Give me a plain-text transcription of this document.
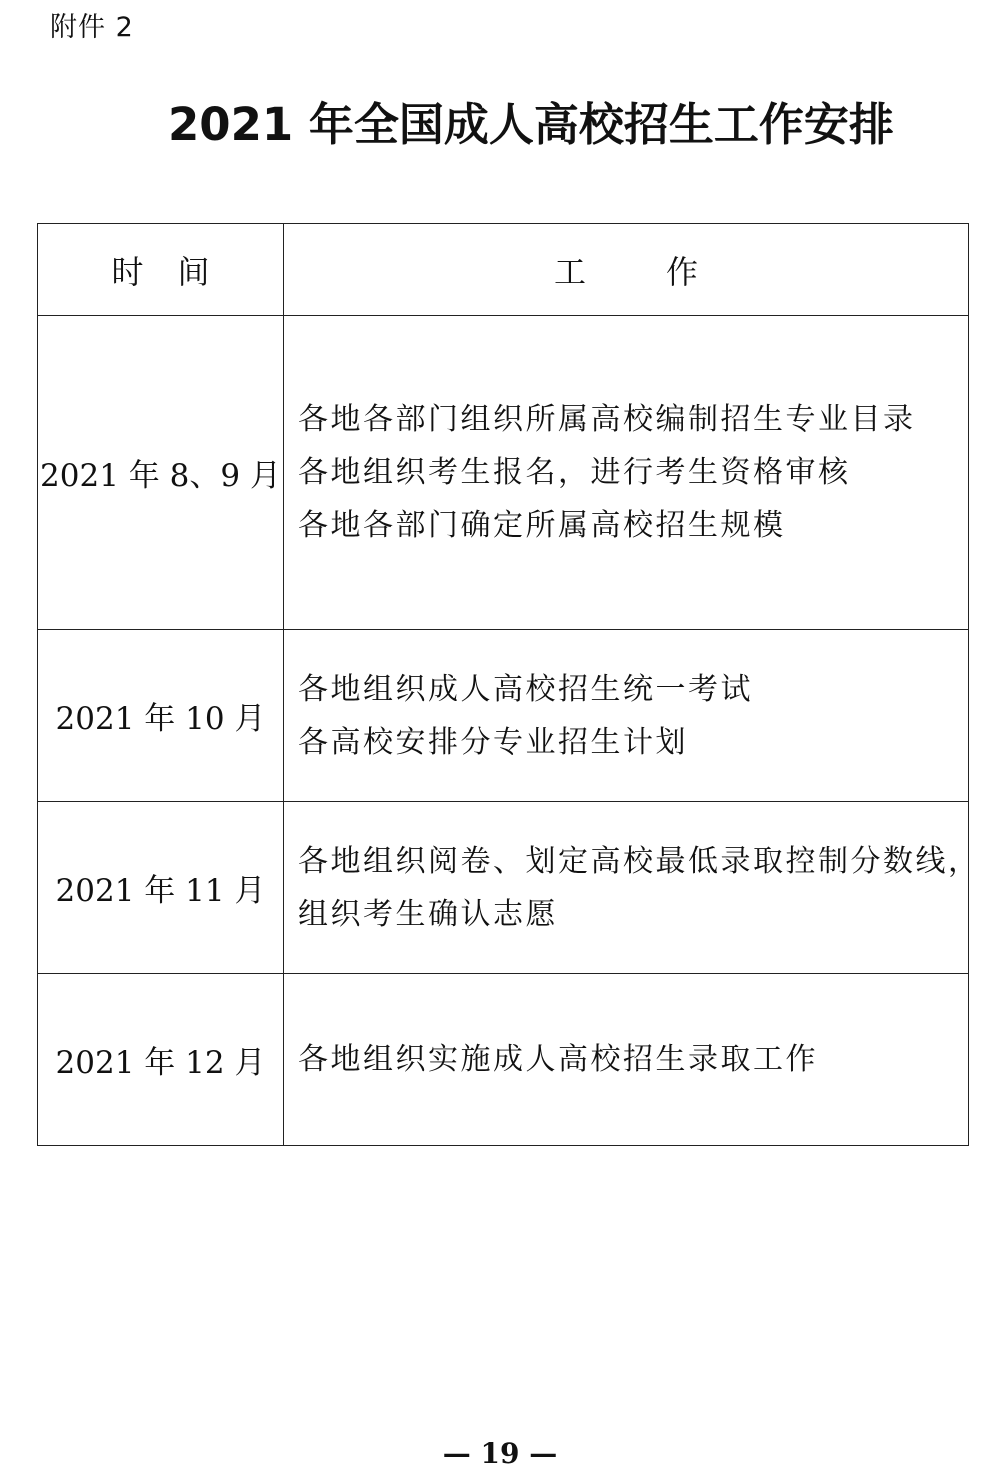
附件 2
2021 年全国成人高校招生工作安排
时间	工作
2021 年 8、9 月	各地各部门组织所属高校编制招生专业目录
各地组织考生报名，进行考生资格审核
各地各部门确定所属高校招生规模

2021 年 10 月	各地组织成人高校招生统一考试
各高校安排分专业招生计划

2021 年 11 月	各地组织阅卷、划定高校最低录取控制分数线，
组织考生确认志愿

2021 年 12 月	各地组织实施成人高校招生录取工作
— 19 —
